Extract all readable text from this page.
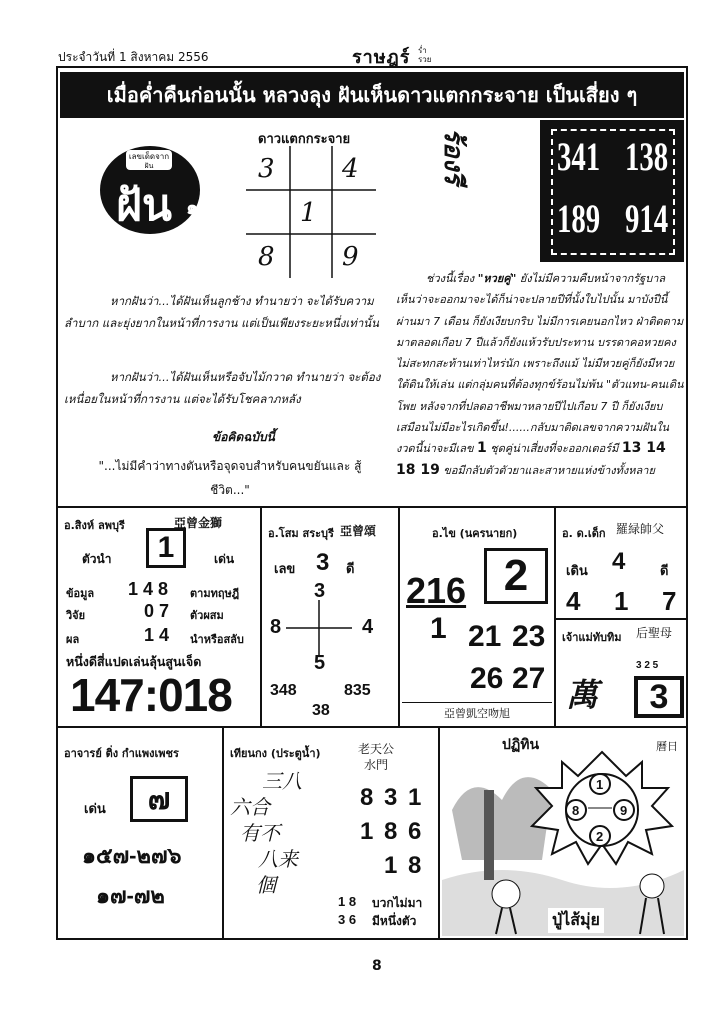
ประจำวันที่ 1 สิงหาคม 2556	ราษฎร์ ร่ำ
รวย
เมื่อค่ำคืนก่อนนั้น หลวงลุง ฝันเห็นดาวแตกกระจาย เป็นเสี่ยง ๆ
เลขเด็ดจาก
ฝัน
ฝัน ๑
ดาวแตกกระจาย
3	4
1
8	9
ร้องรี 341 138
189 914
หากฝันว่า...ได้ฝันเห็นลูกช้าง ทำนายว่า จะได้รับความลำบาก และยุ่งยากในหน้าที่การงาน แต่เป็นเพียงระยะหนึ่งเท่านั้น
หากฝันว่า...ได้ฝันเห็นหรือจับไม้กวาด ทำนายว่า จะต้องเหนื่อยในหน้าที่การงาน แต่จะได้รับโชคลาภหลัง
ข้อคิดฉบับนี้
"...ไม่มีคำว่าทางตันหรือจุดจบสำหรับคนขยันและ สู้ชีวิต..."
ช่วงนี้เรื่อง "หวยคู่" ยังไม่มีความคืบหน้าจากรัฐบาล เห็นว่าจะออกมาจะได้ก็น่าจะปลายปีที่นั้งใบไปนั้น มาบังปีนี้ผ่านมา 7 เดือน ก็ยังเงียบกริบ ไม่มีการเคยนอกไหว ฝ่าติดตามมาตลอดเกือบ 7 ปีแล้วก็ยังแห้วรับประทาน บรรดาคอหวยคงไม่สะทกสะท้านเท่าไหร่นัก เพราะถึงแม้ ไม่มีหวยคู่ก็ยังมีหวยใต้ดินให้เล่น แต่กลุ่มคนที่ต้องทุกข์ร้อนไม่พ้น "ตัวแทน-คนเดินโพย หลังจากที่ปลดอาชีพมาหลายปีไปเกือบ 7 ปี ก็ยังเงียบเสมือนไม่มีอะไรเกิดขึ้น!......กลับมาติดเลขจากความฝันในงวดนี้น่าจะมีเลข 1 ชุดคู่น่าเสี่ยงที่จะออกเตอร์มี 13 14 18 19 ขอมีกลับตัวตัวยาและสาหายแห่งข้างทั้งหลาย
อ.สิงห์ ลพบุรี	亞曾金獅
ตัวนำ	1	เด่น
ข้อมูล 1 4 8 ตามทฤษฎี
วิจัย	0 7 ตัวผสม
ผล	1 4 นำหรือสลับ
หนึ่งดีสี่แปดเล่นลุ้นสูนเจ็ด
147:018
อ.โสม สระบุรี 亞曾頌
เลข 3 ดี
3
8	4
5
348	835
38
อ.ไข (นครนายก)
216 2
1 21 23
26 27
亞曾凱空吻旭
อ. ด.เด็ก 羅緑帥父
เดิน 4	ดี
4 1 7
เจ้าแม่ทับทิม 后聖母
3 2 5
萬	3
อาจารย์ ติ่ง กำแพงเพชร
เด่น	๗
๑๕๗-๒๗๖
๑๗-๗๒
เทียนกง (ประตูน้ำ)	老天公
水門
三八
六合
有不
八来
個
8 3 1
1 8 6
1 8
1 8 บวกไม่มา
3 6 มีหนึ่งตัว
ปฏิทิน	曆日
1
8	9
2
ปู่ไส้มุ่ย
8
